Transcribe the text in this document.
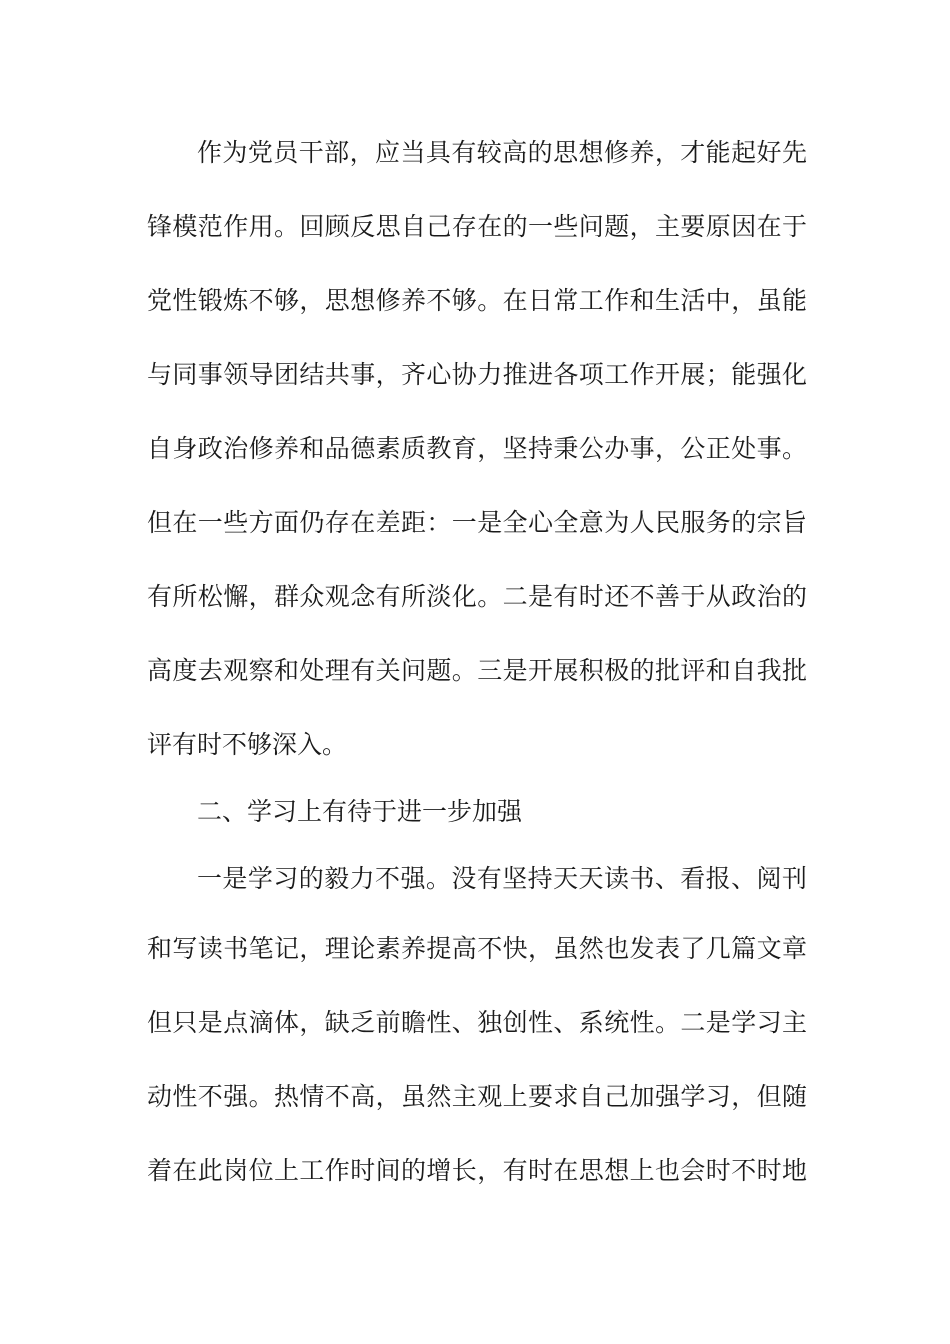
作为党员干部，应当具有较高的思想修养，才能起好先

锋模范作用。回顾反思自己存在的一些问题，主要原因在于

党性锻炼不够，思想修养不够。在日常工作和生活中，虽能

与同事领导团结共事，齐心协力推进各项工作开展；能强化

自身政治修养和品德素质教育，坚持秉公办事，公正处事。

但在一些方面仍存在差距：一是全心全意为人民服务的宗旨

有所松懈，群众观念有所淡化。二是有时还不善于从政治的

高度去观察和处理有关问题。三是开展积极的批评和自我批

评有时不够深入。

二、学习上有待于进一步加强

一是学习的毅力不强。没有坚持天天读书、看报、阅刊

和写读书笔记，理论素养提高不快，虽然也发表了几篇文章

但只是点滴体，缺乏前瞻性、独创性、系统性。二是学习主

动性不强。热情不高，虽然主观上要求自己加强学习，但随

着在此岗位上工作时间的增长，有时在思想上也会时不时地
